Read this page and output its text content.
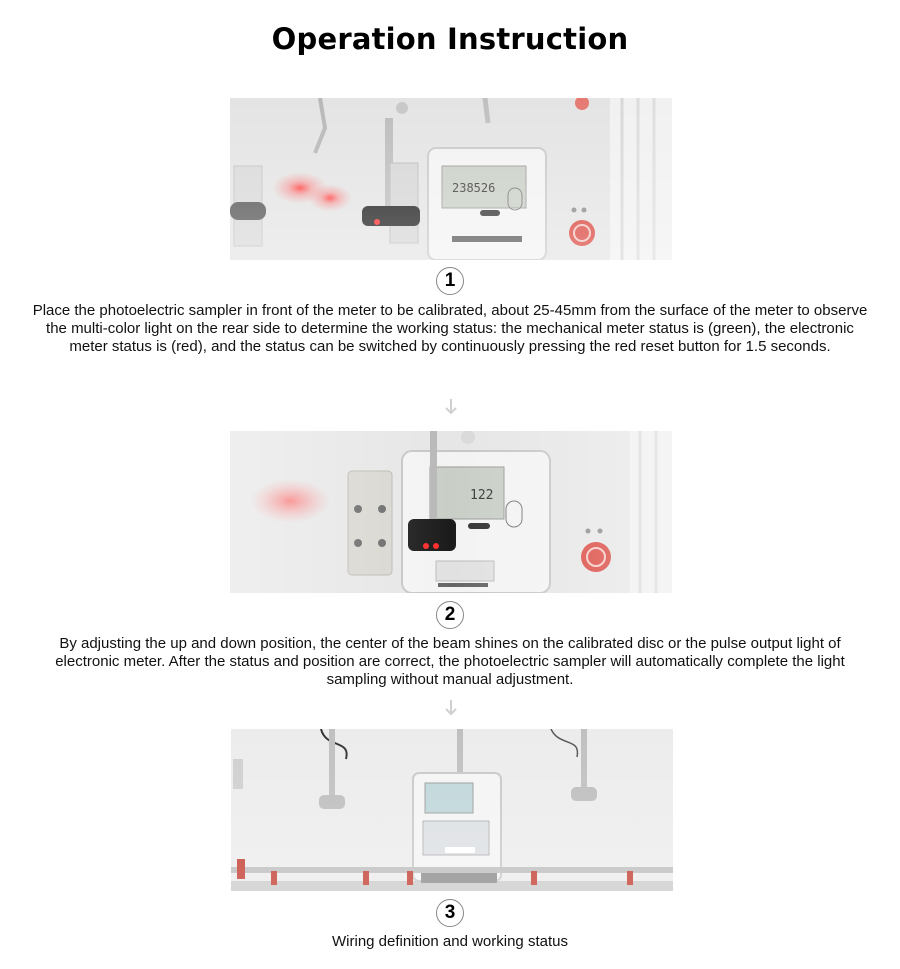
Operation Instruction
1
Place the photoelectric sampler in front of the meter to be calibrated, about 25-45mm from the surface of the meter to observe the multi-color light on the rear side to determine the working status: the mechanical meter status is (green), the electronic meter status is (red), and the status can be switched by continuously pressing the red reset button for 1.5 seconds.
2
By adjusting the up and down position, the center of the beam shines on the calibrated disc or the pulse output light of electronic meter. After the status and position are correct, the photoelectric sampler will automatically complete the light sampling without manual adjustment.
3
Wiring definition and working status
